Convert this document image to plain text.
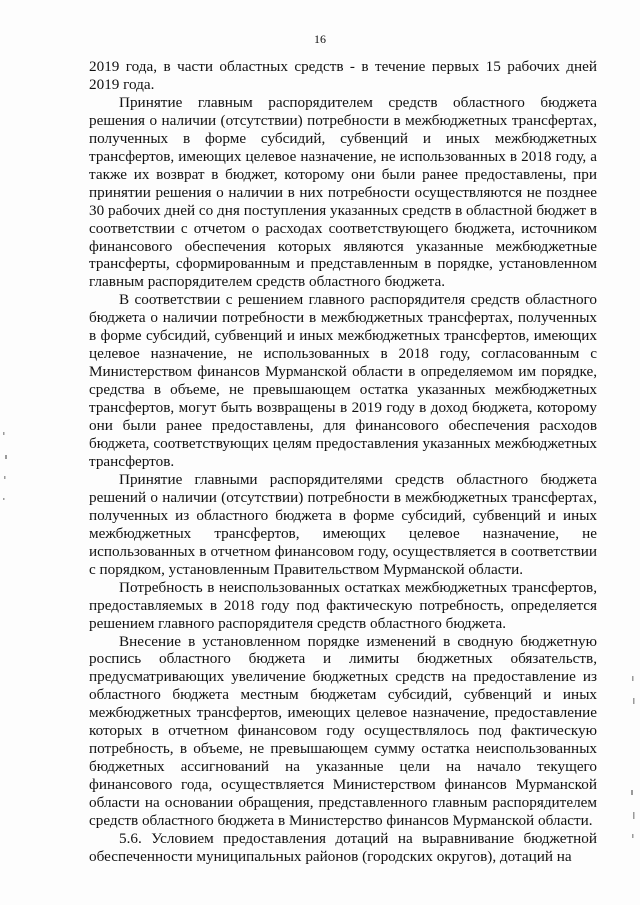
16

2019 года, в части областных средств - в течение первых 15 рабочих дней 2019 года.

Принятие главным распорядителем средств областного бюджета решения о наличии (отсутствии) потребности в межбюджетных трансфертах, полученных в форме субсидий, субвенций и иных межбюджетных трансфертов, имеющих целевое назначение, не использованных в 2018 году, а также их возврат в бюджет, которому они были ранее предоставлены, при принятии решения о наличии в них потребности осуществляются не позднее 30 рабочих дней со дня поступления указанных средств в областной бюджет в соответствии с отчетом о расходах соответствующего бюджета, источником финансового обеспечения которых являются указанные межбюджетные трансферты, сформированным и представленным в порядке, установленном главным распорядителем средств областного бюджета.

В соответствии с решением главного распорядителя средств областного бюджета о наличии потребности в межбюджетных трансфертах, полученных в форме субсидий, субвенций и иных межбюджетных трансфертов, имеющих целевое назначение, не использованных в 2018 году, согласованным с Министерством финансов Мурманской области в определяемом им порядке, средства в объеме, не превышающем остатка указанных межбюджетных трансфертов, могут быть возвращены в 2019 году в доход бюджета, которому они были ранее предоставлены, для финансового обеспечения расходов бюджета, соответствующих целям предоставления указанных межбюджетных трансфертов.

Принятие главными распорядителями средств областного бюджета решений о наличии (отсутствии) потребности в межбюджетных трансфертах, полученных из областного бюджета в форме субсидий, субвенций и иных межбюджетных трансфертов, имеющих целевое назначение, не использованных в отчетном финансовом году, осуществляется в соответствии с порядком, установленным Правительством Мурманской области.

Потребность в неиспользованных остатках межбюджетных трансфертов, предоставляемых в 2018 году под фактическую потребность, определяется решением главного распорядителя средств областного бюджета.

Внесение в установленном порядке изменений в сводную бюджетную роспись областного бюджета и лимиты бюджетных обязательств, предусматривающих увеличение бюджетных средств на предоставление из областного бюджета местным бюджетам субсидий, субвенций и иных межбюджетных трансфертов, имеющих целевое назначение, предоставление которых в отчетном финансовом году осуществлялось под фактическую потребность, в объеме, не превышающем сумму остатка неиспользованных бюджетных ассигнований на указанные цели на начало текущего финансового года, осуществляется Министерством финансов Мурманской области на основании обращения, представленного главным распорядителем средств областного бюджета в Министерство финансов Мурманской области.

5.6. Условием предоставления дотаций на выравнивание бюджетной обеспеченности муниципальных районов (городских округов), дотаций на
